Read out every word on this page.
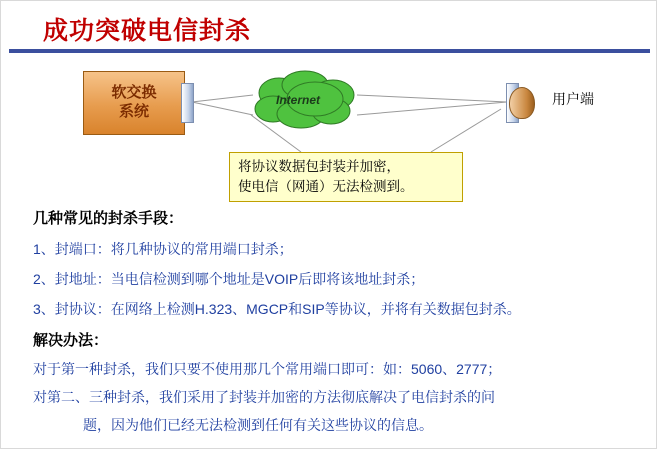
成功突破电信封杀
软交换
系统
Internet	用户端
将协议数据包封装并加密，
使电信（网通）无法检测到。
几种常见的封杀手段：
1、封端口：将几种协议的常用端口封杀；
2、封地址：当电信检测到哪个地址是VOIP后即将该地址封杀；
3、封协议：在网络上检测H.323、MGCP和SIP等协议，并将有关数据包封杀。
解决办法：
对于第一种封杀，我们只要不使用那几个常用端口即可：如：5060、2777；
对第二、三种封杀，我们采用了封装并加密的方法彻底解决了电信封杀的问
题，因为他们已经无法检测到任何有关这些协议的信息。
